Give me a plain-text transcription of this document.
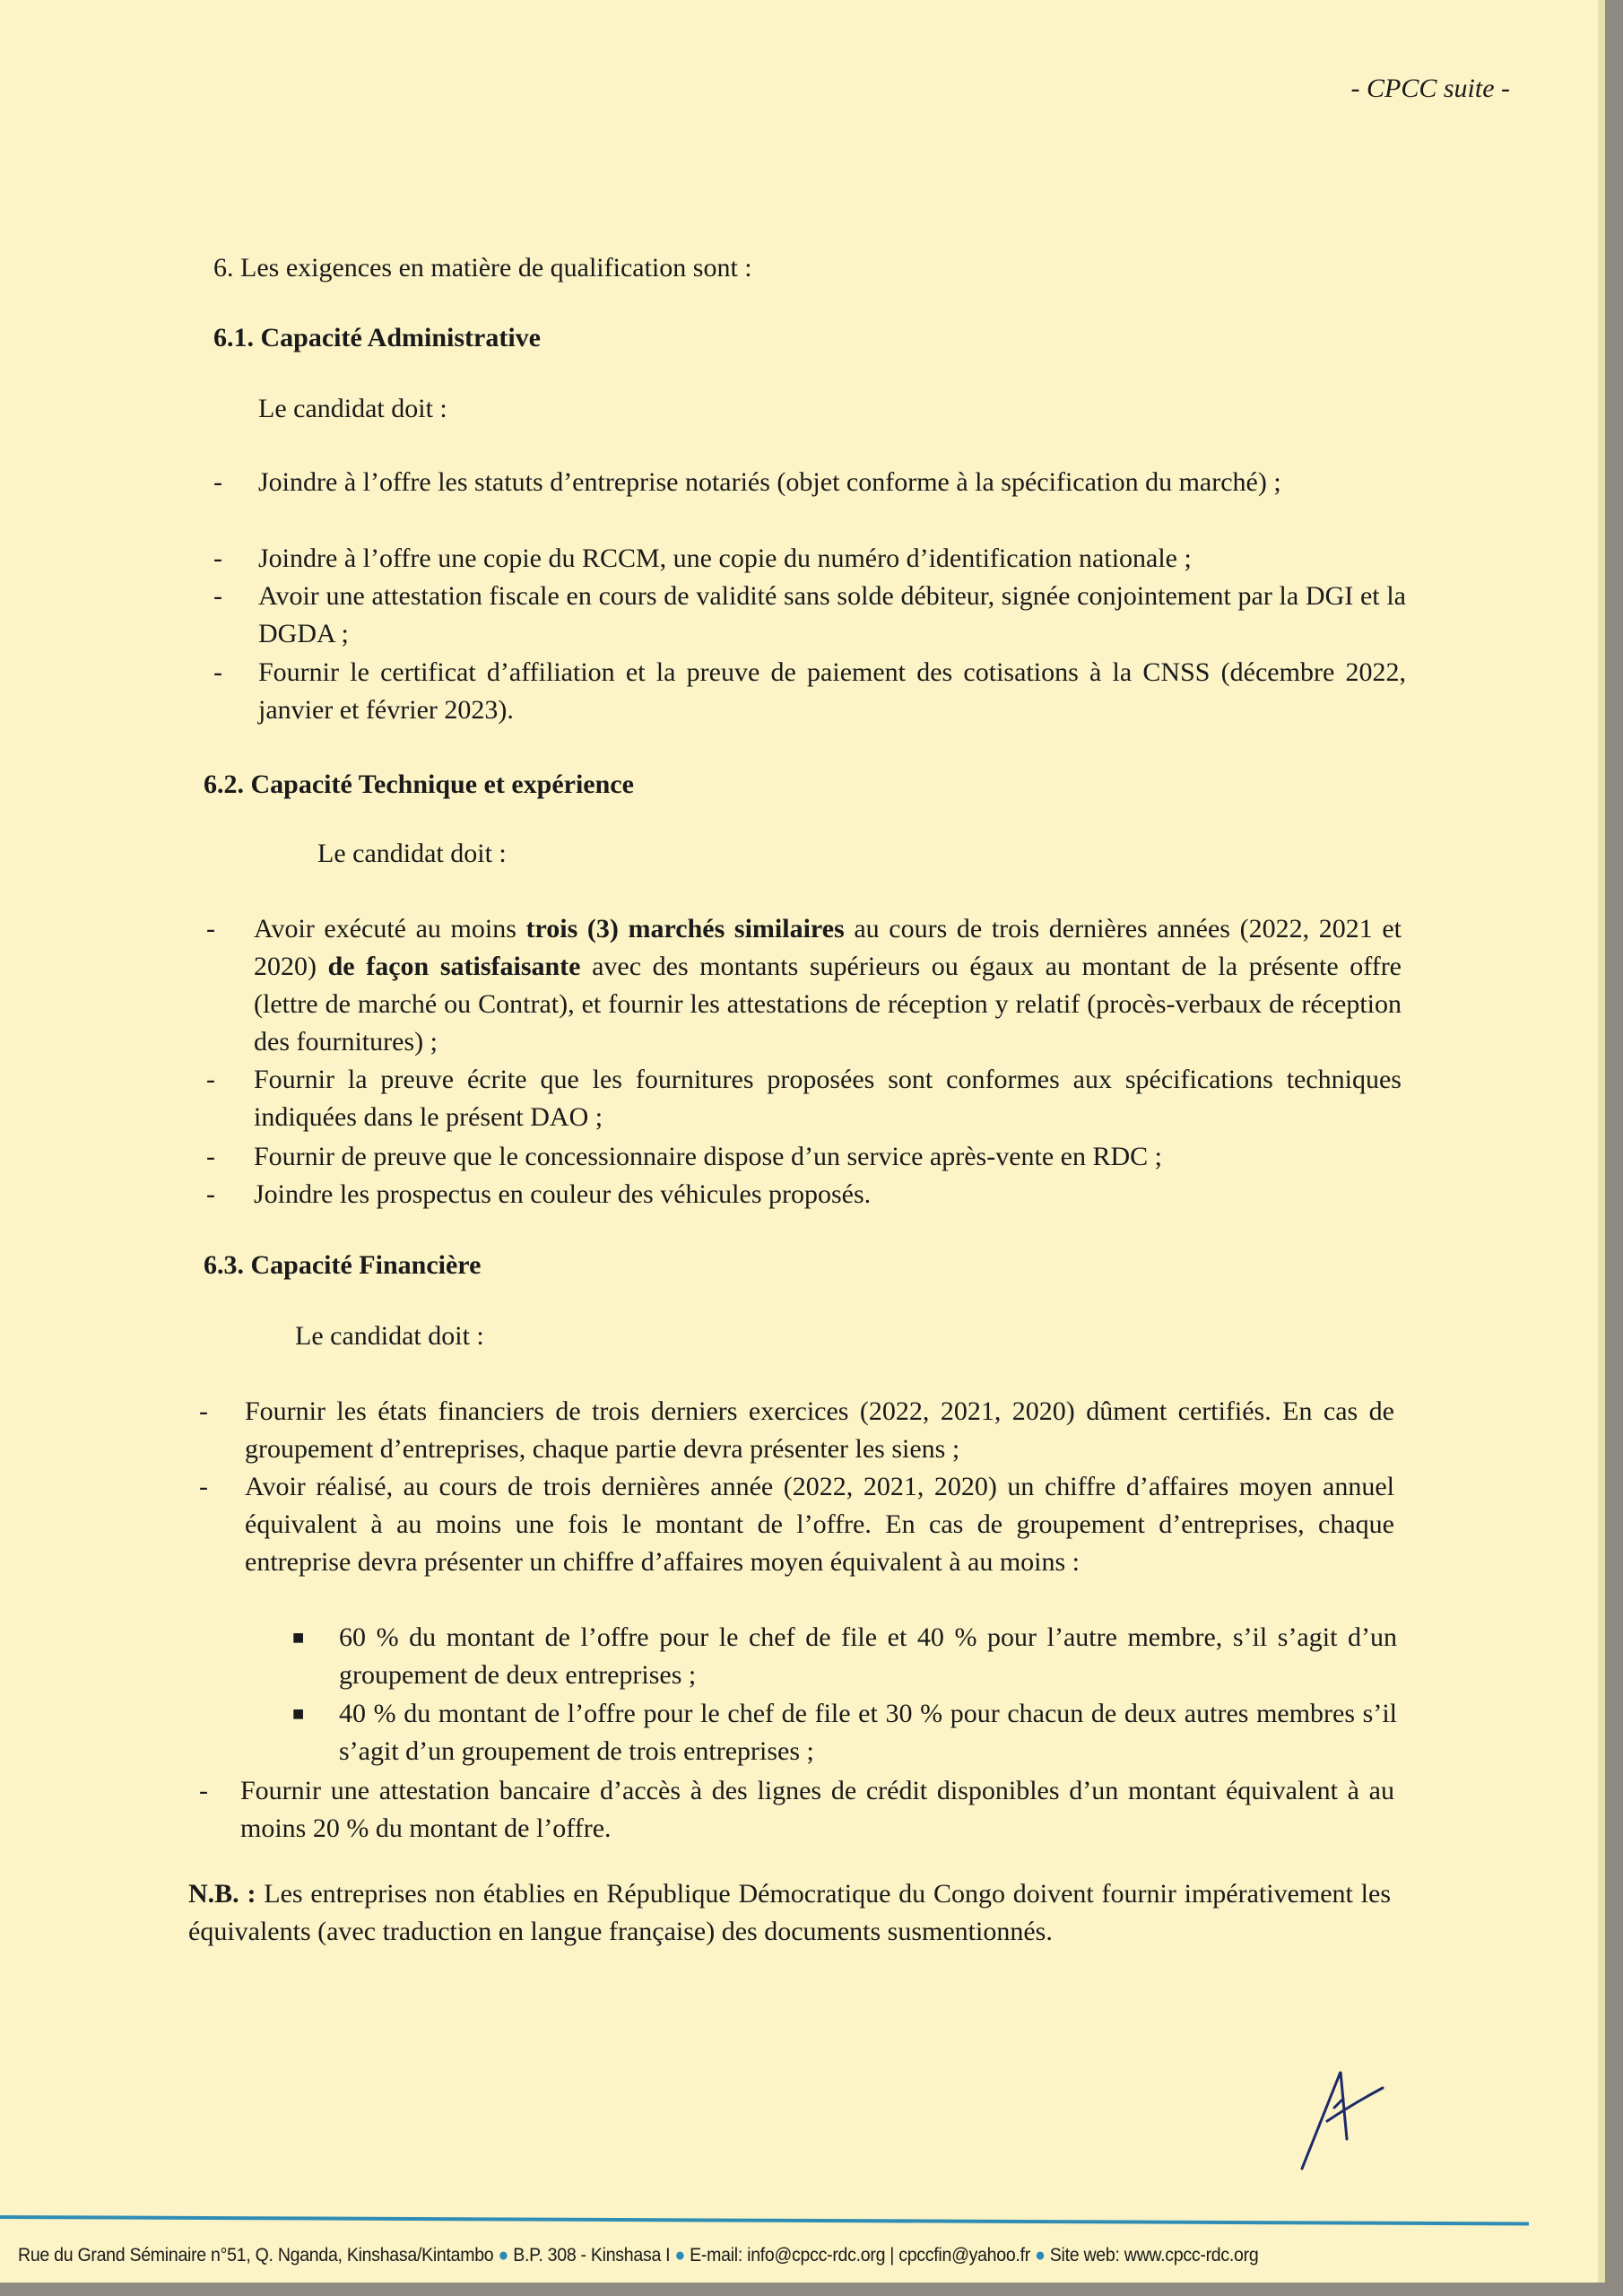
- CPCC suite -
6. Les exigences en matière de qualification sont :
6.1. Capacité Administrative
Le candidat doit :
- Joindre à l’offre les statuts d’entreprise notariés (objet conforme à la spécification du marché) ;
- Joindre à l’offre une copie du RCCM, une copie du numéro d’identification nationale ;
- Avoir une attestation fiscale en cours de validité sans solde débiteur, signée conjointement par la DGI et la DGDA ;
- Fournir le certificat d’affiliation et la preuve de paiement des cotisations à la CNSS (décembre 2022, janvier et février 2023).
6.2. Capacité Technique et expérience
Le candidat doit :
- Avoir exécuté au moins trois (3) marchés similaires au cours de trois dernières années (2022, 2021 et 2020) de façon satisfaisante avec des montants supérieurs ou égaux au montant de la présente offre (lettre de marché ou Contrat), et fournir les attestations de réception y relatif (procès-verbaux de réception des fournitures) ;
- Fournir la preuve écrite que les fournitures proposées sont conformes aux spécifications techniques indiquées dans le présent DAO ;
- Fournir de preuve que le concessionnaire dispose d’un service après-vente en RDC ;
- Joindre les prospectus en couleur des véhicules proposés.
6.3. Capacité Financière
Le candidat doit :
- Fournir les états financiers de trois derniers exercices (2022, 2021, 2020) dûment certifiés. En cas de groupement d’entreprises, chaque partie devra présenter les siens ;
- Avoir réalisé, au cours de trois dernières année (2022, 2021, 2020) un chiffre d’affaires moyen annuel équivalent à au moins une fois le montant de l’offre. En cas de groupement d’entreprises, chaque entreprise devra présenter un chiffre d’affaires moyen équivalent à au moins :
- Fournir une attestation bancaire d’accès à des lignes de crédit disponibles d’un montant équivalent à au moins 20 % du montant de l’offre.
■ 60 % du montant de l’offre pour le chef de file et 40 % pour l’autre membre, s’il s’agit d’un groupement de deux entreprises ;
■ 40 % du montant de l’offre pour le chef de file et 30 % pour chacun de deux autres membres s’il s’agit d’un groupement de trois entreprises ;
N.B. : Les entreprises non établies en République Démocratique du Congo doivent fournir impérativement les équivalents (avec traduction en langue française) des documents susmentionnés.
Rue du Grand Séminaire n°51, Q. Nganda, Kinshasa/Kintambo ● B.P. 308 - Kinshasa I ● E-mail: info@cpcc-rdc.org | cpccfin@yahoo.fr ● Site web: www.cpcc-rdc.org
